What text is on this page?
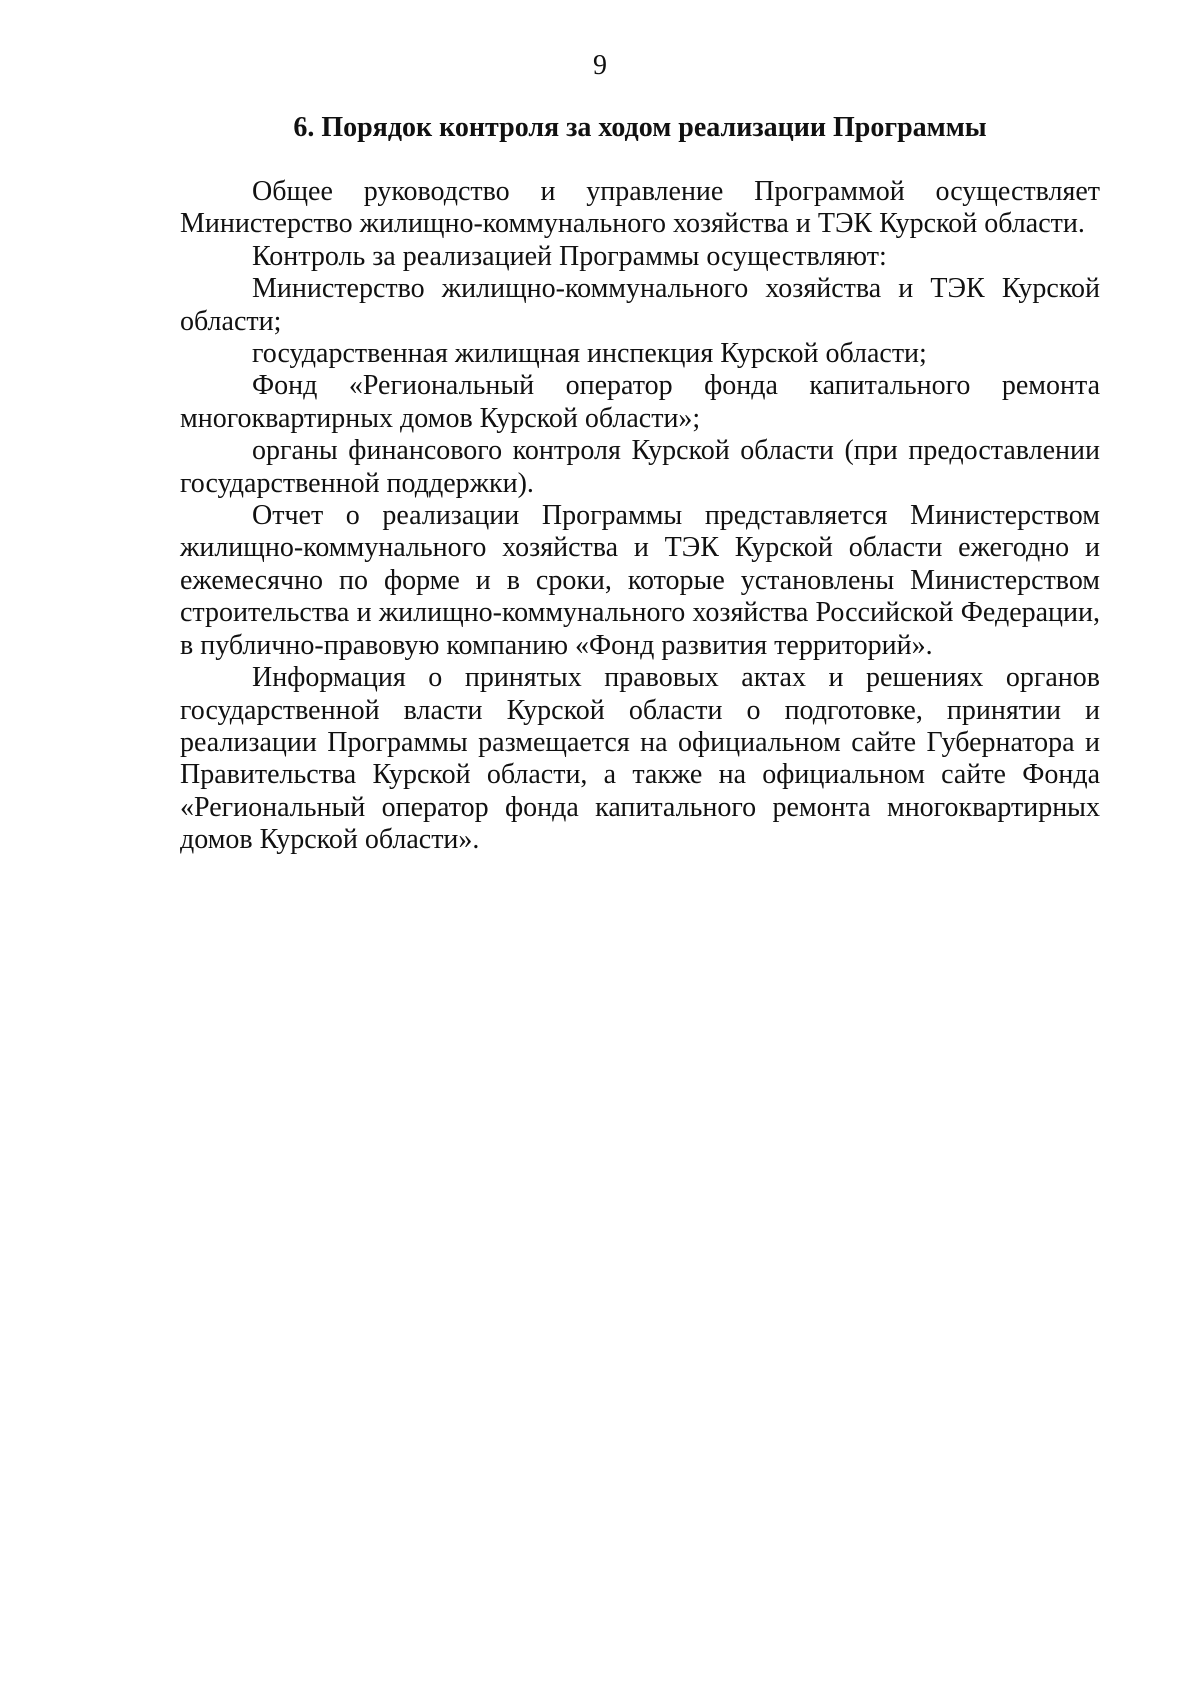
9
6. Порядок контроля за ходом реализации Программы

Общее руководство и управление Программой осуществляет Министерство жилищно-коммунального хозяйства и ТЭК Курской области.

Контроль за реализацией Программы осуществляют:

Министерство жилищно-коммунального хозяйства и ТЭК Курской области;

государственная жилищная инспекция Курской области;

Фонд «Региональный оператор фонда капитального ремонта многоквартирных домов Курской области»;

органы финансового контроля Курской области (при предоставлении государственной поддержки).

Отчет о реализации Программы представляется Министерством жилищно-коммунального хозяйства и ТЭК Курской области ежегодно и ежемесячно по форме и в сроки, которые установлены Министерством строительства и жилищно-коммунального хозяйства Российской Федерации, в публично-правовую компанию «Фонд развития территорий».

Информация о принятых правовых актах и решениях органов государственной власти Курской области о подготовке, принятии и реализации Программы размещается на официальном сайте Губернатора и Правительства Курской области, а также на официальном сайте Фонда «Региональный оператор фонда капитального ремонта многоквартирных домов Курской области».
